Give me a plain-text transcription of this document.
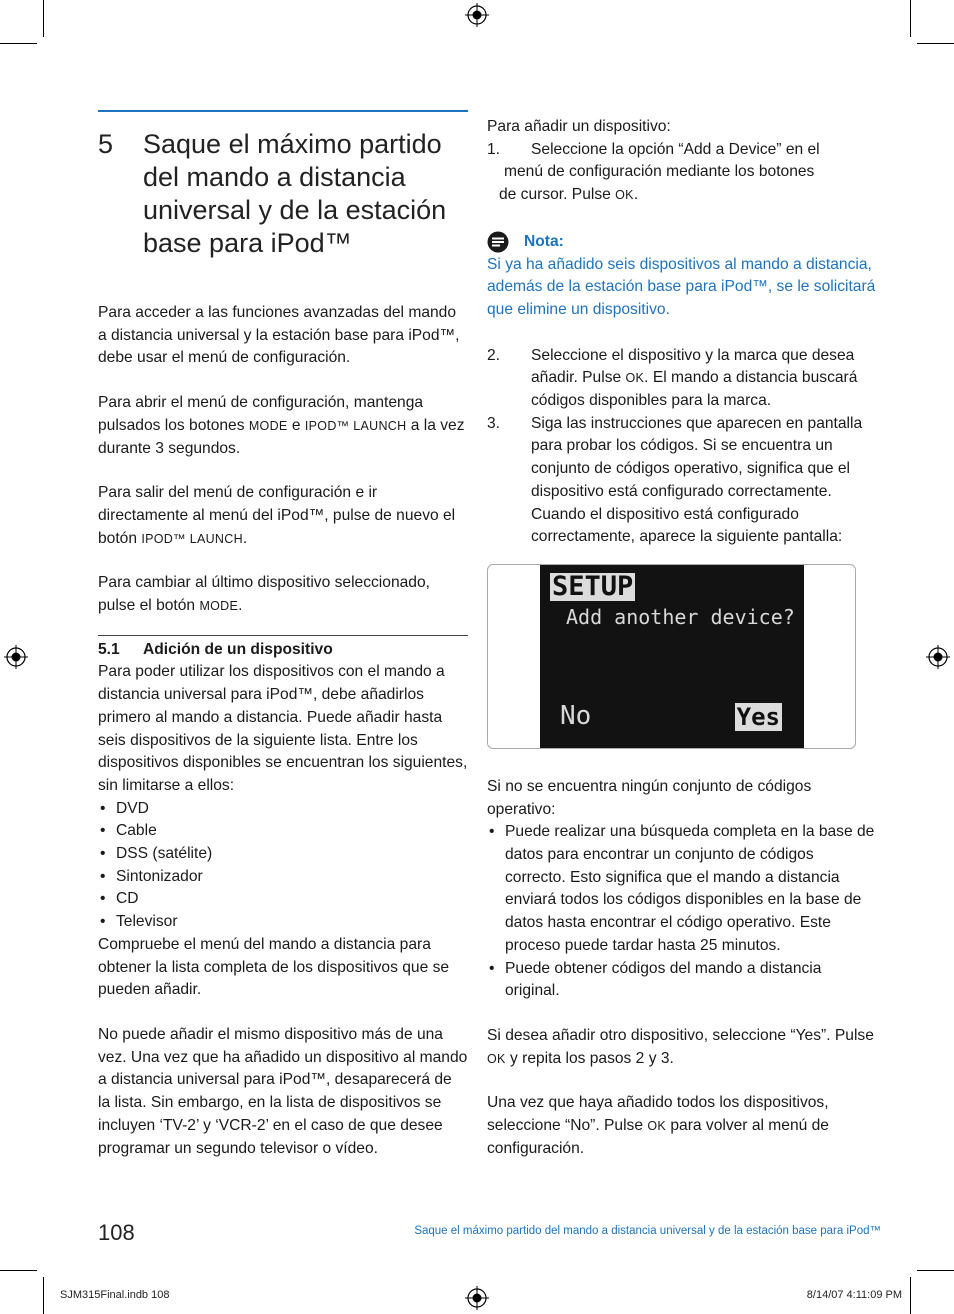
5	Saque el máximo partido
del mando a distancia
universal y de la estación
base para iPod™

Para acceder a las funciones avanzadas del mando a distancia universal y la estación base para iPod™, debe usar el menú de configuración.

Para abrir el menú de configuración, mantenga pulsados los botones MODE e IPOD™ LAUNCH a la vez durante 3 segundos.

Para salir del menú de configuración e ir directamente al menú del iPod™, pulse de nuevo el botón IPOD™ LAUNCH.

Para cambiar al último dispositivo seleccionado, pulse el botón MODE.

5.1 Adición de un dispositivo

Para poder utilizar los dispositivos con el mando a distancia universal para iPod™, debe añadirlos primero al mando a distancia. Puede añadir hasta seis dispositivos de la siguiente lista. Entre los dispositivos disponibles se encuentran los siguientes, sin limitarse a ellos:

• DVD
• Cable
• DSS (satélite)
• Sintonizador
• CD
• Televisor

Compruebe el menú del mando a distancia para obtener la lista completa de los dispositivos que se pueden añadir.

No puede añadir el mismo dispositivo más de una vez. Una vez que ha añadido un dispositivo al mando a distancia universal para iPod™, desaparecerá de la lista. Sin embargo, en la lista de dispositivos se incluyen ‘TV-2’ y ‘VCR-2’ en el caso de que desee programar un segundo televisor o vídeo.

Para añadir un dispositivo:

1.	Seleccione la opción “Add a Device” en el
menú de configuración mediante los botones
de cursor. Pulse OK.
Nota:

Si ya ha añadido seis dispositivos al mando a distancia, además de la estación base para iPod™, se le solicitará que elimine un dispositivo.

2.	Seleccione el dispositivo y la marca que desea añadir. Pulse OK. El mando a distancia buscará códigos disponibles para la marca.
3.	Siga las instrucciones que aparecen en pantalla para probar los códigos. Si se encuentra un conjunto de códigos operativo, significa que el dispositivo está configurado correctamente. Cuando el dispositivo está configurado correctamente, aparece la siguiente pantalla:
SETUP
Add another device?
No	Yes

Si no se encuentra ningún conjunto de códigos operativo:

• Puede realizar una búsqueda completa en la base de datos para encontrar un conjunto de códigos correcto. Esto significa que el mando a distancia enviará todos los códigos disponibles en la base de datos hasta encontrar el código operativo. Este proceso puede tardar hasta 25 minutos.
• Puede obtener códigos del mando a distancia original.

Si desea añadir otro dispositivo, seleccione “Yes”. Pulse OK y repita los pasos 2 y 3.

Una vez que haya añadido todos los dispositivos, seleccione “No”. Pulse OK para volver al menú de configuración.

108	Saque el máximo partido del mando a distancia universal y de la estación base para iPod™
SJM315Final.indb 108	8/14/07 4:11:09 PM
